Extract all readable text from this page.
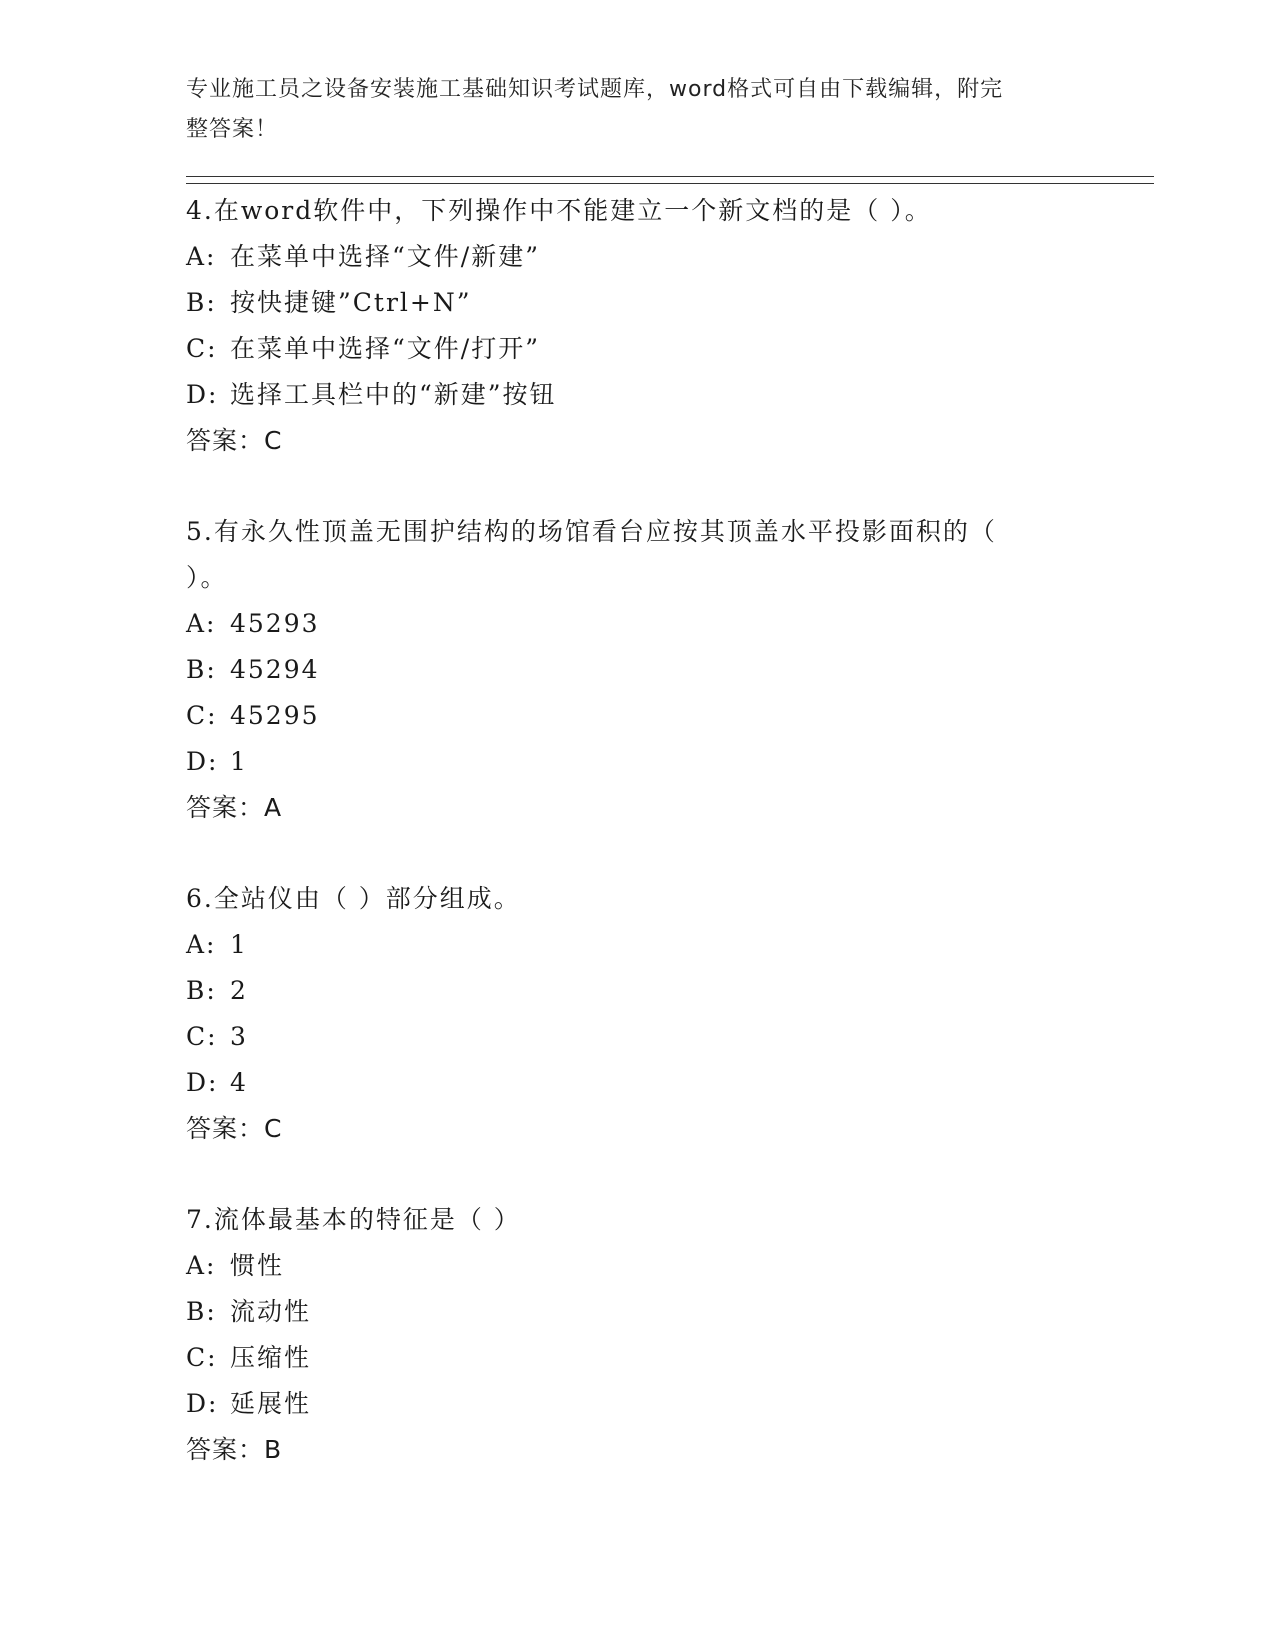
专业施工员之设备安装施工基础知识考试题库，word格式可自由下载编辑，附完
整答案！
4.在word软件中，下列操作中不能建立一个新文档的是（ ）。
A: 在菜单中选择“文件/新建”
B: 按快捷键”Ctrl+N”
C: 在菜单中选择“文件/打开”
D: 选择工具栏中的“新建”按钮
答案：C
5.有永久性顶盖无围护结构的场馆看台应按其顶盖水平投影面积的（
）。
A: 45293
B: 45294
C: 45295
D: 1
答案：A
6.全站仪由（ ）部分组成。
A: 1
B: 2
C: 3
D: 4
答案：C
7.流体最基本的特征是（ ）
A: 惯性
B: 流动性
C: 压缩性
D: 延展性
答案：B
